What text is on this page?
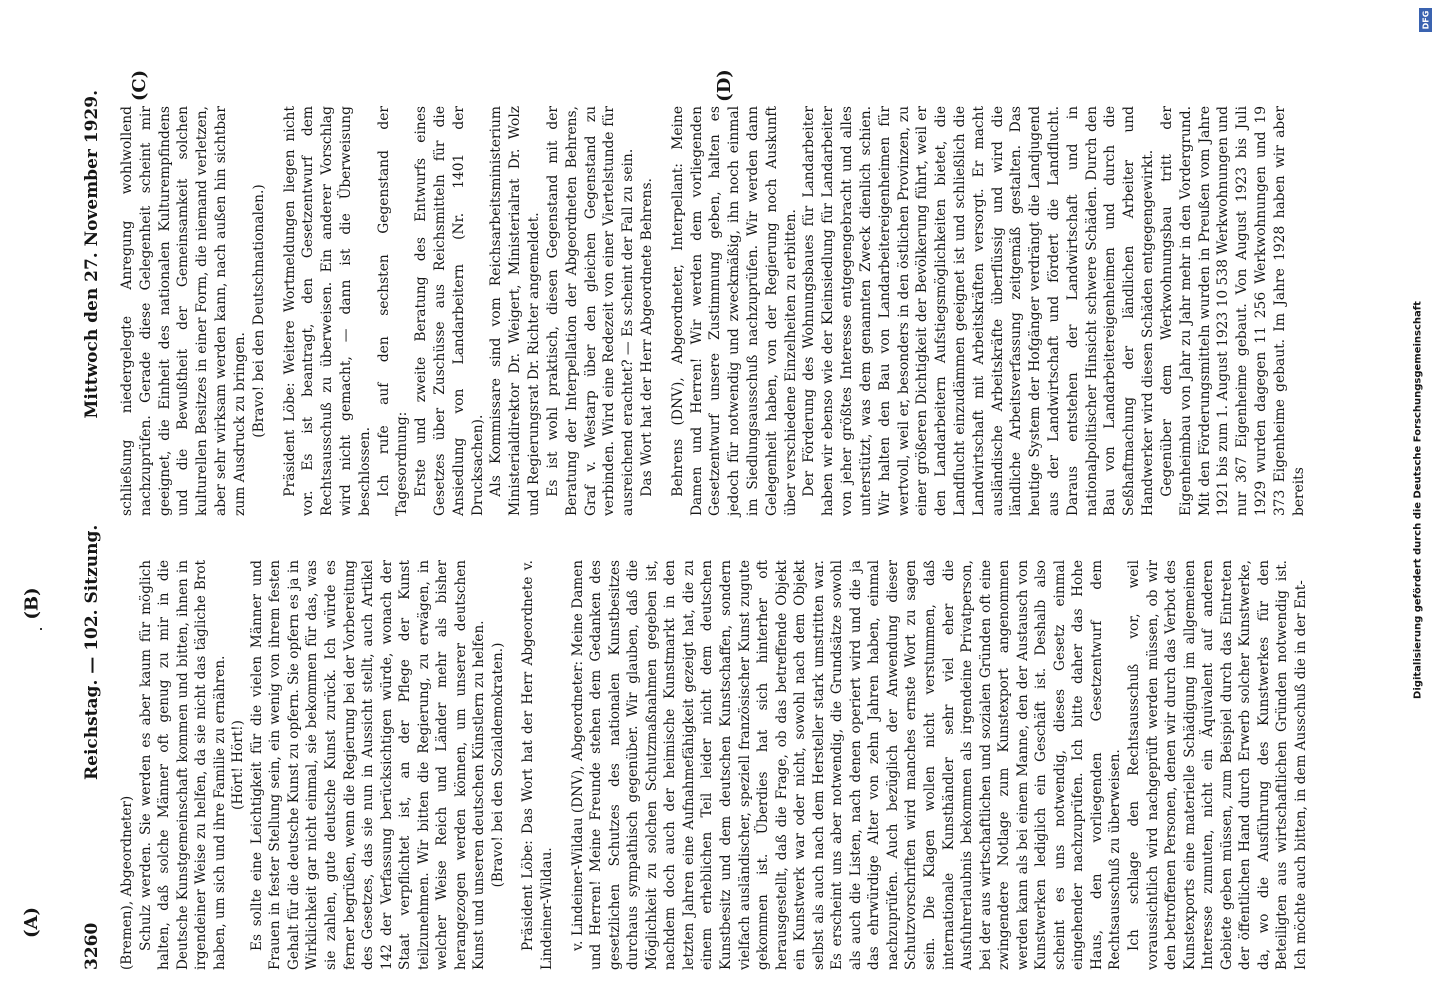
3260
Reichstag. — 102. Sitzung.
Mittwoch den 27. November 1929.

(Bremen), Abgeordneter) Schulz werden. Sie werden es aber kaum für möglich halten, daß solche Männer oft genug zu mir in die Deutsche Kunstgemeinschaft kommen und bitten, ihnen in irgendeiner Weise zu helfen, da sie nicht das tägliche Brot haben, um sich und ihre Familie zu ernähren. (Hört! Hört!) Es sollte eine Leichtigkeit für die vielen Männer und Frauen in fester Stellung sein, ein wenig von ihrem festen Gehalt für die deutsche Kunst zu opfern. Sie opfern es ja in Wirklichkeit gar nicht einmal, sie bekommen für das, was sie zahlen, gute deutsche Kunst zurück. Ich würde es ferner begrüßen, wenn die Regierung bei der Vorbereitung des Gesetzes, das sie nun in Aussicht stellt, auch Artikel 142 der Verfassung berücksichtigen würde, wonach der Staat verpflichtet ist, an der Pflege der Kunst teilzunehmen. Wir bitten die Regierung, zu erwägen, in welcher Weise Reich und Länder mehr als bisher herangezogen werden können, um unserer deutschen Kunst und unseren deutschen Künstlern zu helfen. (Bravo! bei den Sozialdemokraten.) Präsident Löbe: Das Wort hat der Herr Abgeordnete v. Lindeiner-Wildau. v. Lindeiner-Wildau (DNV), Abgeordneter: Meine Damen und Herren! Meine Freunde stehen dem Gedanken des gesetzlichen Schutzes des nationalen Kunstbesitzes durchaus sympathisch gegenüber. Wir glauben, daß die Möglichkeit zu solchen Schutzmaßnahmen gegeben ist, nachdem doch auch der heimische Kunstmarkt in den letzten Jahren eine Aufnahmefähigkeit gezeigt hat, die zu einem erheblichen Teil leider nicht dem deutschen Kunstbesitz und dem deutschen Kunstschaffen, sondern vielfach ausländischer, speziell französischer Kunst zugute gekommen ist. Überdies hat sich hinterher oft herausgestellt, daß die Frage, ob das betreffende Objekt ein Kunstwerk war oder nicht, sowohl nach dem Objekt selbst als auch nach dem Hersteller stark umstritten war. Es erscheint uns aber notwendig, die Grundsätze sowohl als auch die Listen, nach denen operiert wird und die ja das ehrwürdige Alter von zehn Jahren haben, einmal nachzuprüfen. Auch bezüglich der Anwendung dieser Schutzvorschriften wird manches ernste Wort zu sagen sein. Die Klagen wollen nicht verstummen, daß internationale Kunsthändler sehr viel eher die Ausfuhrerlaubnis bekommen als irgendeine Privatperson, bei der aus wirtschaftlichen und sozialen Gründen oft eine zwingendere Notlage zum Kunstexport angenommen werden kann als bei einem Manne, den der Austausch von Kunstwerken lediglich ein Geschäft ist. Deshalb also scheint es uns notwendig, dieses Gesetz einmal eingehender nachzuprüfen. Ich bitte daher das Hohe Haus, den vorliegenden Gesetzentwurf dem Rechtsausschuß zu überweisen. Ich schlage den Rechtsausschuß vor, weil voraussichtlich wird nachgeprüft werden müssen, ob wir den betroffenen Personen, denen wir durch das Verbot des Kunstexports eine materielle Schädigung im allgemeinen Interesse zumuten, nicht ein Äquivalent auf anderen Gebiete geben müssen, zum Beispiel durch das Eintreten der öffentlichen Hand durch Erwerb solcher Kunstwerke, da, wo die Ausführung des Kunstwerkes für den Beteiligten aus wirtschaftlichen Gründen notwendig ist. Ich möchte auch bitten, in dem Ausschuß die in der Ent-

schließung niedergelegte Anregung wohlwollend nachzuprüfen. Gerade diese Gelegenheit scheint mir geeignet, die Einheit des nationalen Kulturempfindens und die Bewußtheit der Gemeinsamkeit solchen kulturellen Besitzes in einer Form, die niemand verletzen, aber sehr wirksam werden kann, nach außen hin sichtbar zum Ausdruck zu bringen. (Bravo! bei den Deutschnationalen.) Präsident Löbe: Weitere Wortmeldungen liegen nicht vor. Es ist beantragt, den Gesetzentwurf dem Rechtsausschuß zu überweisen. Ein anderer Vorschlag wird nicht gemacht, — dann ist die Überweisung beschlossen. Ich rufe auf den sechsten Gegenstand der Tagesordnung: Erste und zweite Beratung des Entwurfs eines Gesetzes über Zuschüsse aus Reichsmitteln für die Ansiedlung von Landarbeitern (Nr. 1401 der Drucksachen). Als Kommissare sind vom Reichsarbeitsministerium Ministerialdirektor Dr. Weigert, Ministerialrat Dr. Wolz und Regierungsrat Dr. Richter angemeldet. Es ist wohl praktisch, diesen Gegenstand mit der Beratung der Interpellation der Abgeordneten Behrens, Graf v. Westarp über den gleichen Gegenstand zu verbinden. Wird eine Redezeit von einer Viertelstunde für ausreichend erachtet? — Es scheint der Fall zu sein. Das Wort hat der Herr Abgeordnete Behrens. Behrens (DNV), Abgeordneter, Interpellant: Meine Damen und Herren! Wir werden dem vorliegenden Gesetzentwurf unsere Zustimmung geben, halten es jedoch für notwendig und zweckmäßig, ihn noch einmal im Siedlungsausschuß nachzuprüfen. Wir werden dann Gelegenheit haben, von der Regierung noch Auskunft über verschiedene Einzelheiten zu erbitten. Der Förderung des Wohnungsbaues für Landarbeiter haben wir ebenso wie der Kleinsiedlung für Landarbeiter von jeher größtes Interesse entgegengebracht und alles unterstützt, was dem genannten Zweck dienlich schien. Wir halten den Bau von Landarbeitereigenheimen für wertvoll, weil er, besonders in den östlichen Provinzen, zu einer größeren Dichtigkeit der Bevölkerung führt, weil er den Landarbeitern Aufstiegsmöglichkeiten bietet, die Landflucht einzudämmen geeignet ist und schließlich die Landwirtschaft mit Arbeitskräften versorgt. Er macht ausländische Arbeitskräfte überflüssig und wird die ländliche Arbeitsverfassung zeitgemäß gestalten. Das heutige System der Hofgänger verdrängt die Landjugend aus der Landwirtschaft und fördert die Landflucht. Daraus entstehen der Landwirtschaft und in nationalpolitischer Hinsicht schwere Schäden. Durch den Bau von Landarbeitereigenheimen und durch die Seßhaftmachung der ländlichen Arbeiter und Handwerker wird diesen Schäden entgegengewirkt. Gegenüber dem Werkwohnungsbau tritt der Eigenheimbau von Jahr zu Jahr mehr in den Vordergrund. Mit den Förderungsmitteln wurden in Preußen vom Jahre 1921 bis zum 1. August 1923 10 538 Werkwohnungen und nur 367 Eigenheime gebaut. Von August 1923 bis Juli 1929 wurden dagegen 11 256 Werkwohnungen und 19 373 Eigenheime gebaut. Im Jahre 1928 haben wir aber bereits

(A)
(B)
(C)	(D)
Digitalisierung gefördert durch die Deutsche Forschungsgemeinschaft
DFG
